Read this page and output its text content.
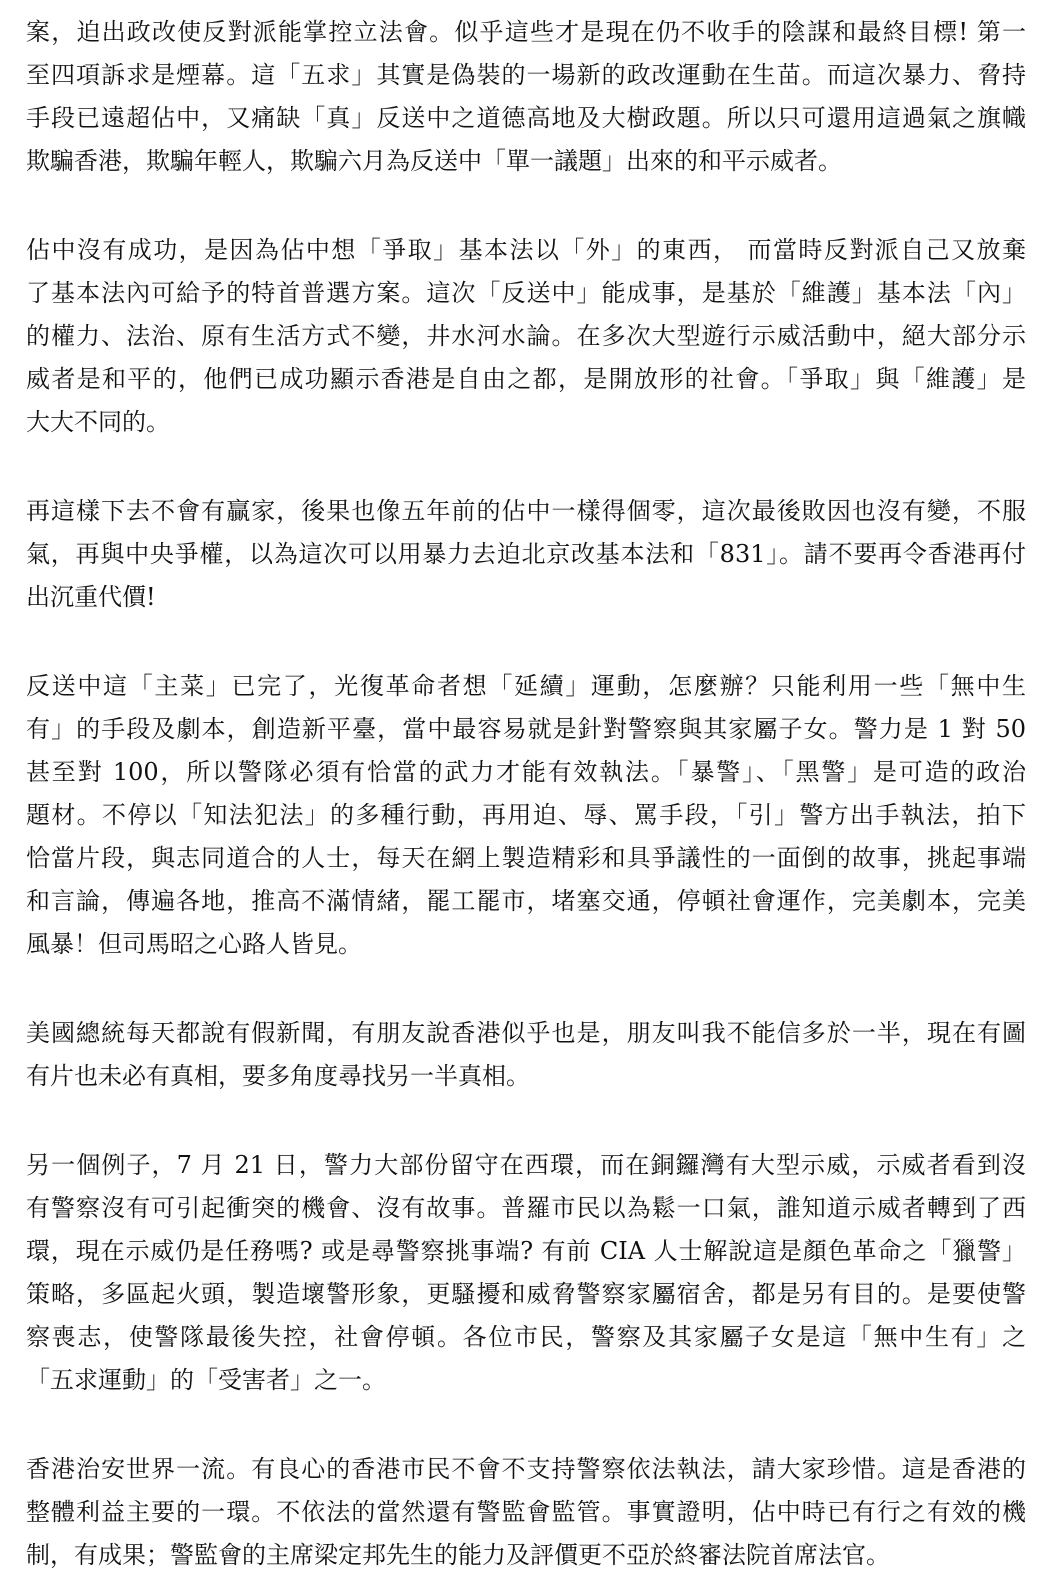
案，迫出政改使反對派能掌控立法會。似乎這些才是現在仍不收手的陰謀和最終目標! 第一
至四項訴求是煙幕。這「五求」其實是偽裝的一場新的政改運動在生苗。而這次暴力、脅持
手段已遠超佔中，又痛缺「真」反送中之道德高地及大樹政題。所以只可還用這過氣之旗幟
欺騙香港，欺騙年輕人，欺騙六月為反送中「單一議題」出來的和平示威者。
佔中沒有成功，是因為佔中想「爭取」基本法以「外」的東西， 而當時反對派自己又放棄
了基本法內可給予的特首普選方案。這次「反送中」能成事，是基於「維護」基本法「內」
的權力、法治、原有生活方式不變，井水河水論。在多次大型遊行示威活動中，絕大部分示
威者是和平的，他們已成功顯示香港是自由之都，是開放形的社會。「爭取」與「維護」是
大大不同的。
再這樣下去不會有贏家，後果也像五年前的佔中一樣得個零，這次最後敗因也沒有變，不服
氣，再與中央爭權，以為這次可以用暴力去迫北京改基本法和「831」。請不要再令香港再付
出沉重代價!
反送中這「主菜」已完了，光復革命者想「延續」運動，怎麼辦？只能利用一些「無中生
有」的手段及劇本，創造新平臺，當中最容易就是針對警察與其家屬子女。警力是 1 對 50
甚至對 100，所以警隊必須有恰當的武力才能有效執法。「暴警」、「黑警」是可造的政治
題材。不停以「知法犯法」的多種行動，再用迫、辱、罵手段，「引」警方出手執法，拍下
恰當片段，與志同道合的人士，每天在網上製造精彩和具爭議性的一面倒的故事，挑起事端
和言論，傳遍各地，推高不滿情緒，罷工罷市，堵塞交通，停頓社會運作，完美劇本，完美
風暴！但司馬昭之心路人皆見。
美國總統每天都說有假新聞，有朋友說香港似乎也是，朋友叫我不能信多於一半，現在有圖
有片也未必有真相，要多角度尋找另一半真相。
另一個例子，7 月 21 日，警力大部份留守在西環，而在銅鑼灣有大型示威，示威者看到沒
有警察沒有可引起衝突的機會、沒有故事。普羅市民以為鬆一口氣，誰知道示威者轉到了西
環，現在示威仍是任務嗎? 或是尋警察挑事端? 有前 CIA 人士解說這是顏色革命之「獵警」
策略，多區起火頭，製造壞警形象，更騷擾和威脅警察家屬宿舍，都是另有目的。是要使警
察喪志，使警隊最後失控，社會停頓。各位市民，警察及其家屬子女是這「無中生有」之
「五求運動」的「受害者」之一。
香港治安世界一流。有良心的香港市民不會不支持警察依法執法，請大家珍惜。這是香港的
整體利益主要的一環。不依法的當然還有警監會監管。事實證明，佔中時已有行之有效的機
制，有成果；警監會的主席梁定邦先生的能力及評價更不亞於終審法院首席法官。
